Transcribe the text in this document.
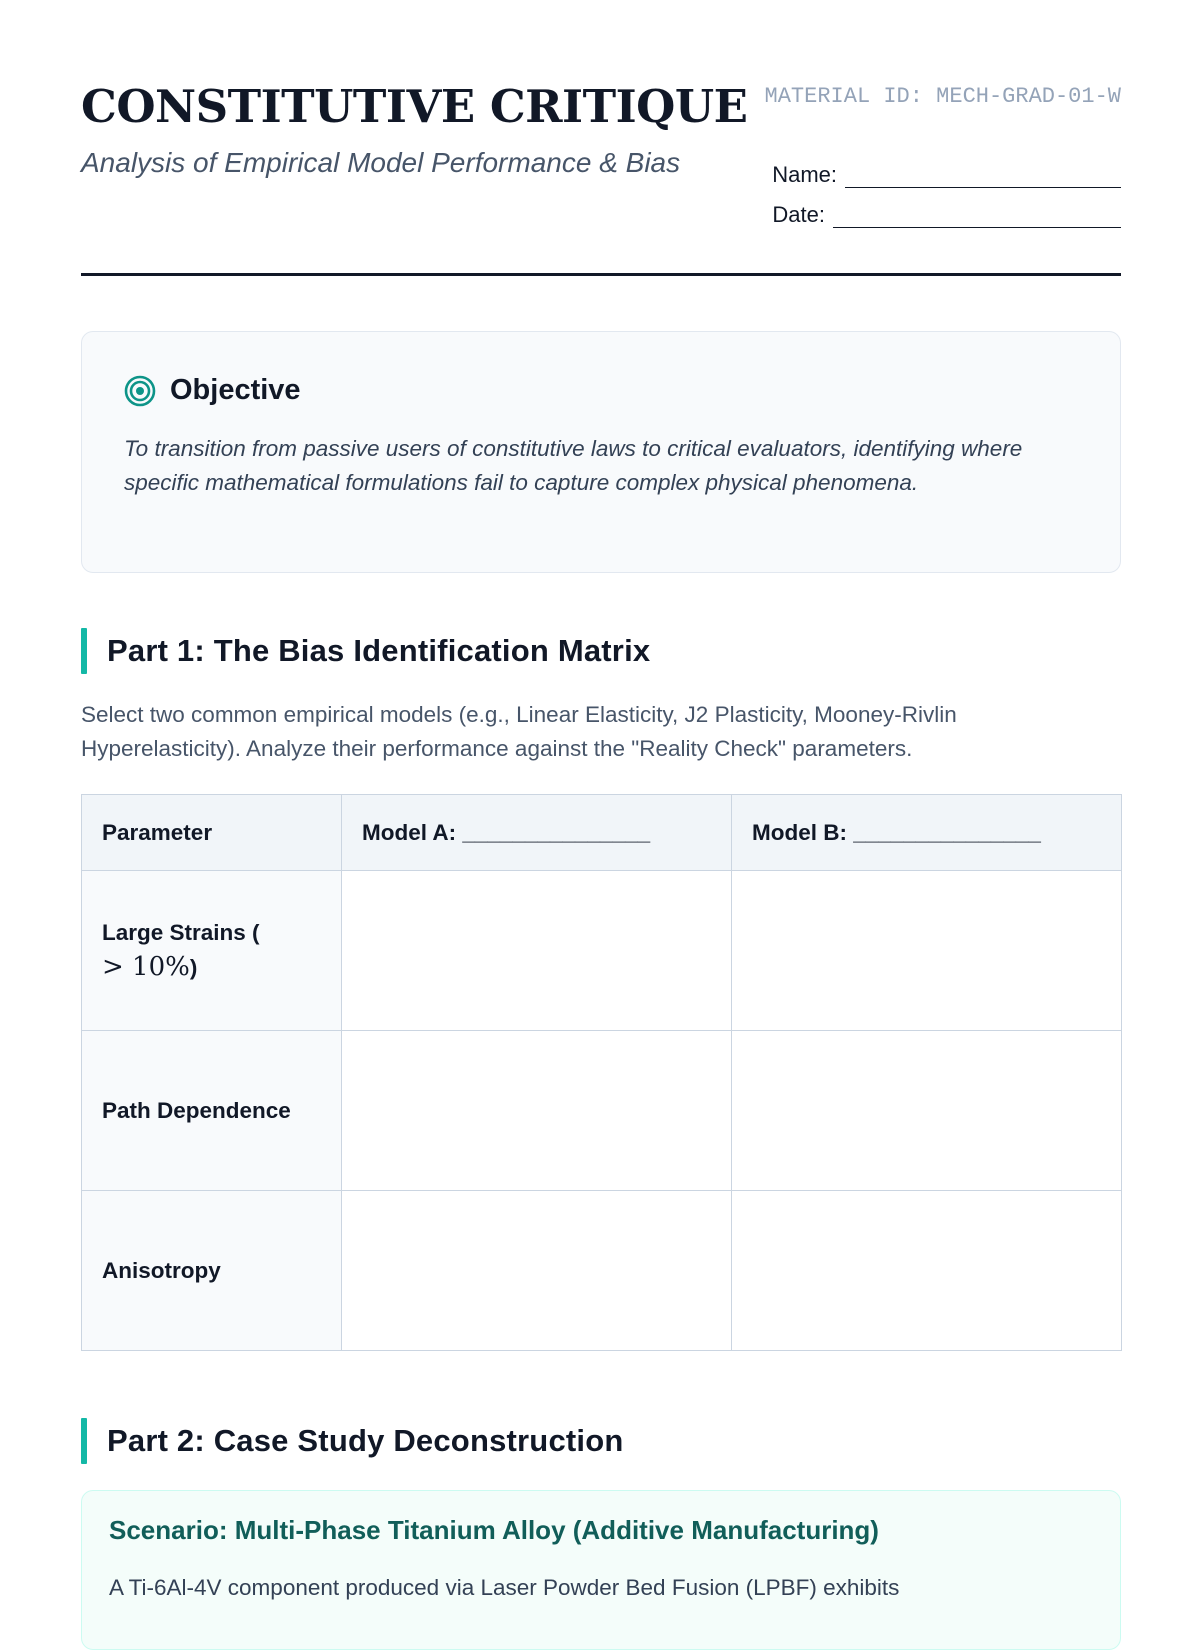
CONSTITUTIVE CRITIQUE

Analysis of Empirical Model Performance & Bias

MATERIAL ID: MECH-GRAD-01-W
Name:
Date:
Objective

To transition from passive users of constitutive laws to critical evaluators, identifying where specific mathematical formulations fail to capture complex physical phenomena.

Part 1: The Bias Identification Matrix

Select two common empirical models (e.g., Linear Elasticity, J2 Plasticity, Mooney-Rivlin Hyperelasticity). Analyze their performance against the "Reality Check" parameters.

Parameter	Model A: _______________	Model B: _______________
Large Strains (
> 10%)		
Path Dependence		
Anisotropy		
Part 2: Case Study Deconstruction
Scenario: Multi-Phase Titanium Alloy (Additive Manufacturing)

A Ti-6Al-4V component produced via Laser Powder Bed Fusion (LPBF) exhibits
